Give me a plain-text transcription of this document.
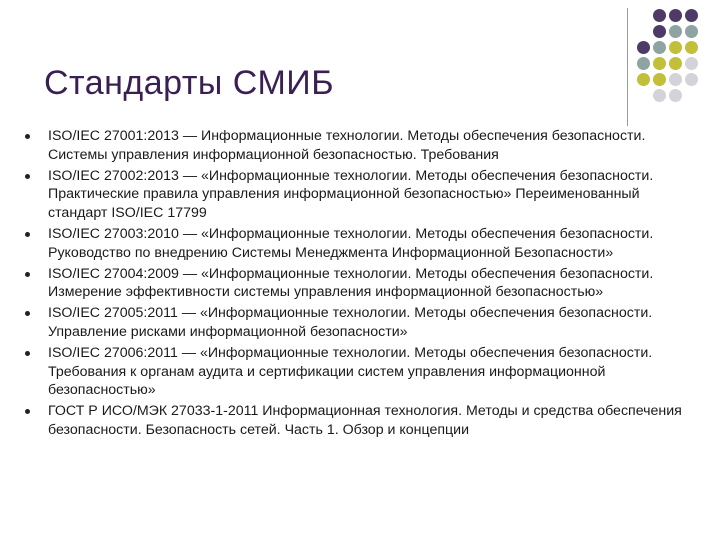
Стандарты СМИБ
ISO/IEC 27001:2013 — Информационные технологии. Методы обеспечения безопасности. Системы управления информационной безопасностью. Требования
ISO/IEC 27002:2013 — «Информационные технологии. Методы обеспечения безопасности. Практические правила управления информационной безопасностью» Переименованный стандарт ISO/IEC 17799
ISO/IEC 27003:2010 — «Информационные технологии. Методы обеспечения безопасности. Руководство по внедрению Системы Менеджмента Информационной Безопасности»
ISO/IEC 27004:2009 — «Информационные технологии. Методы обеспечения безопасности. Измерение эффективности системы управления информационной безопасностью»
ISO/IEC 27005:2011 — «Информационные технологии. Методы обеспечения безопасности. Управление рисками информационной безопасности»
ISO/IEC 27006:2011 — «Информационные технологии. Методы обеспечения безопасности. Требования к органам аудита и сертификации систем управления информационной безопасностью»
ГОСТ Р ИСО/МЭК 27033-1-2011 Информационная технология. Методы и средства обеспечения безопасности. Безопасность сетей. Часть 1. Обзор и концепции
